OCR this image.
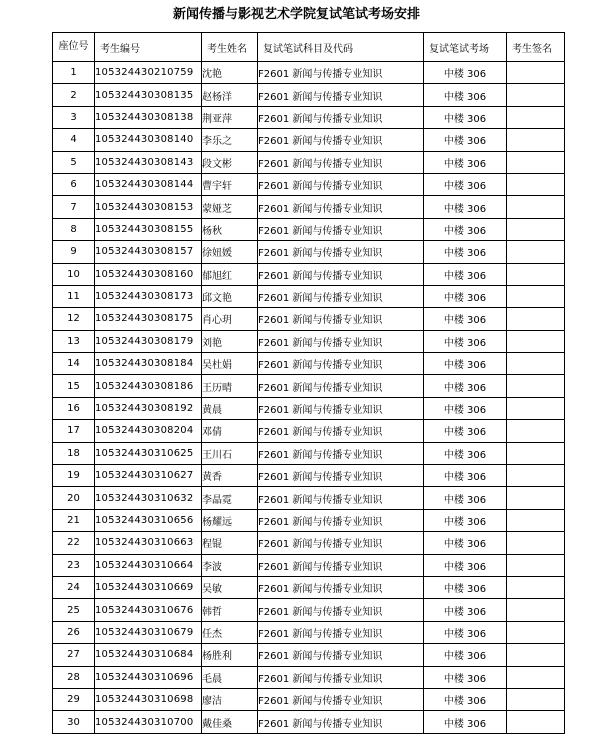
新闻传播与影视艺术学院复试笔试考场安排
座位号	考生编号	考生姓名	复试笔试科目及代码	复试笔试考场	考生签名
1	105324430210759	沈艳	F2601 新闻与传播专业知识	中楼 306	
2	105324430308135	赵杨洋	F2601 新闻与传播专业知识	中楼 306	
3	105324430308138	荆亚萍	F2601 新闻与传播专业知识	中楼 306	
4	105324430308140	李乐之	F2601 新闻与传播专业知识	中楼 306	
5	105324430308143	段文彬	F2601 新闻与传播专业知识	中楼 306	
6	105324430308144	曹宇轩	F2601 新闻与传播专业知识	中楼 306	
7	105324430308153	蒙娅芝	F2601 新闻与传播专业知识	中楼 306	
8	105324430308155	杨秋	F2601 新闻与传播专业知识	中楼 306	
9	105324430308157	徐妞媛	F2601 新闻与传播专业知识	中楼 306	
10	105324430308160	郁旭红	F2601 新闻与传播专业知识	中楼 306	
11	105324430308173	邱文艳	F2601 新闻与传播专业知识	中楼 306	
12	105324430308175	肖心玥	F2601 新闻与传播专业知识	中楼 306	
13	105324430308179	刘艳	F2601 新闻与传播专业知识	中楼 306	
14	105324430308184	吴杜娟	F2601 新闻与传播专业知识	中楼 306	
15	105324430308186	王历晴	F2601 新闻与传播专业知识	中楼 306	
16	105324430308192	黄晨	F2601 新闻与传播专业知识	中楼 306	
17	105324430308204	邓倩	F2601 新闻与传播专业知识	中楼 306	
18	105324430310625	王川石	F2601 新闻与传播专业知识	中楼 306	
19	105324430310627	黄香	F2601 新闻与传播专业知识	中楼 306	
20	105324430310632	李晶霓	F2601 新闻与传播专业知识	中楼 306	
21	105324430310656	杨耀远	F2601 新闻与传播专业知识	中楼 306	
22	105324430310663	程锟	F2601 新闻与传播专业知识	中楼 306	
23	105324430310664	李波	F2601 新闻与传播专业知识	中楼 306	
24	105324430310669	吴敏	F2601 新闻与传播专业知识	中楼 306	
25	105324430310676	韩哲	F2601 新闻与传播专业知识	中楼 306	
26	105324430310679	任杰	F2601 新闻与传播专业知识	中楼 306	
27	105324430310684	杨胜利	F2601 新闻与传播专业知识	中楼 306	
28	105324430310696	毛晨	F2601 新闻与传播专业知识	中楼 306	
29	105324430310698	廖洁	F2601 新闻与传播专业知识	中楼 306	
30	105324430310700	戴佳桑	F2601 新闻与传播专业知识	中楼 306	
